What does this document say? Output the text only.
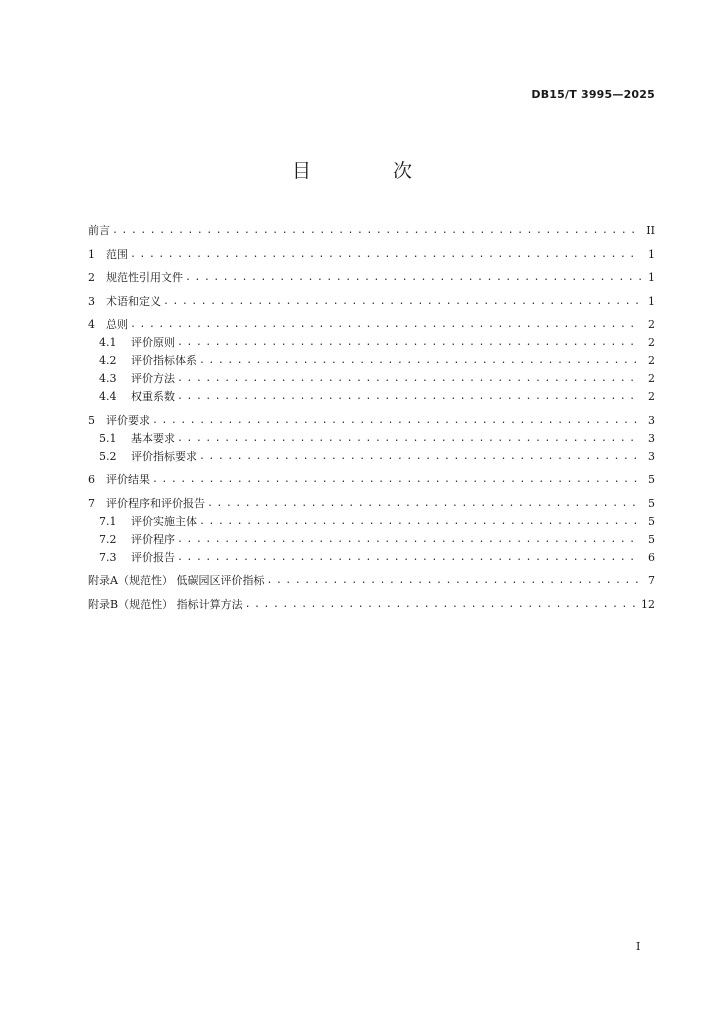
DB15/T 3995—2025
目 次
前言 .....	II
1	范围 .....	1
2	规范性引用文件 .....	1
3	术语和定义 .....	1
4	总则 .....	2
4.1	评价原则 .....	2
4.2	评价指标体系 .....	2
4.3	评价方法 .....	2
4.4	权重系数 .....	2
5	评价要求 .....	3
5.1	基本要求 .....	3
5.2	评价指标要求 .....	3
6	评价结果 .....	5
7	评价程序和评价报告 .....	5
7.1	评价实施主体 .....	5
7.2	评价程序 .....	5
7.3	评价报告 .....	6
附录A（规范性） 低碳园区评价指标 .....	7
附录B（规范性） 指标计算方法 .....	12
I
